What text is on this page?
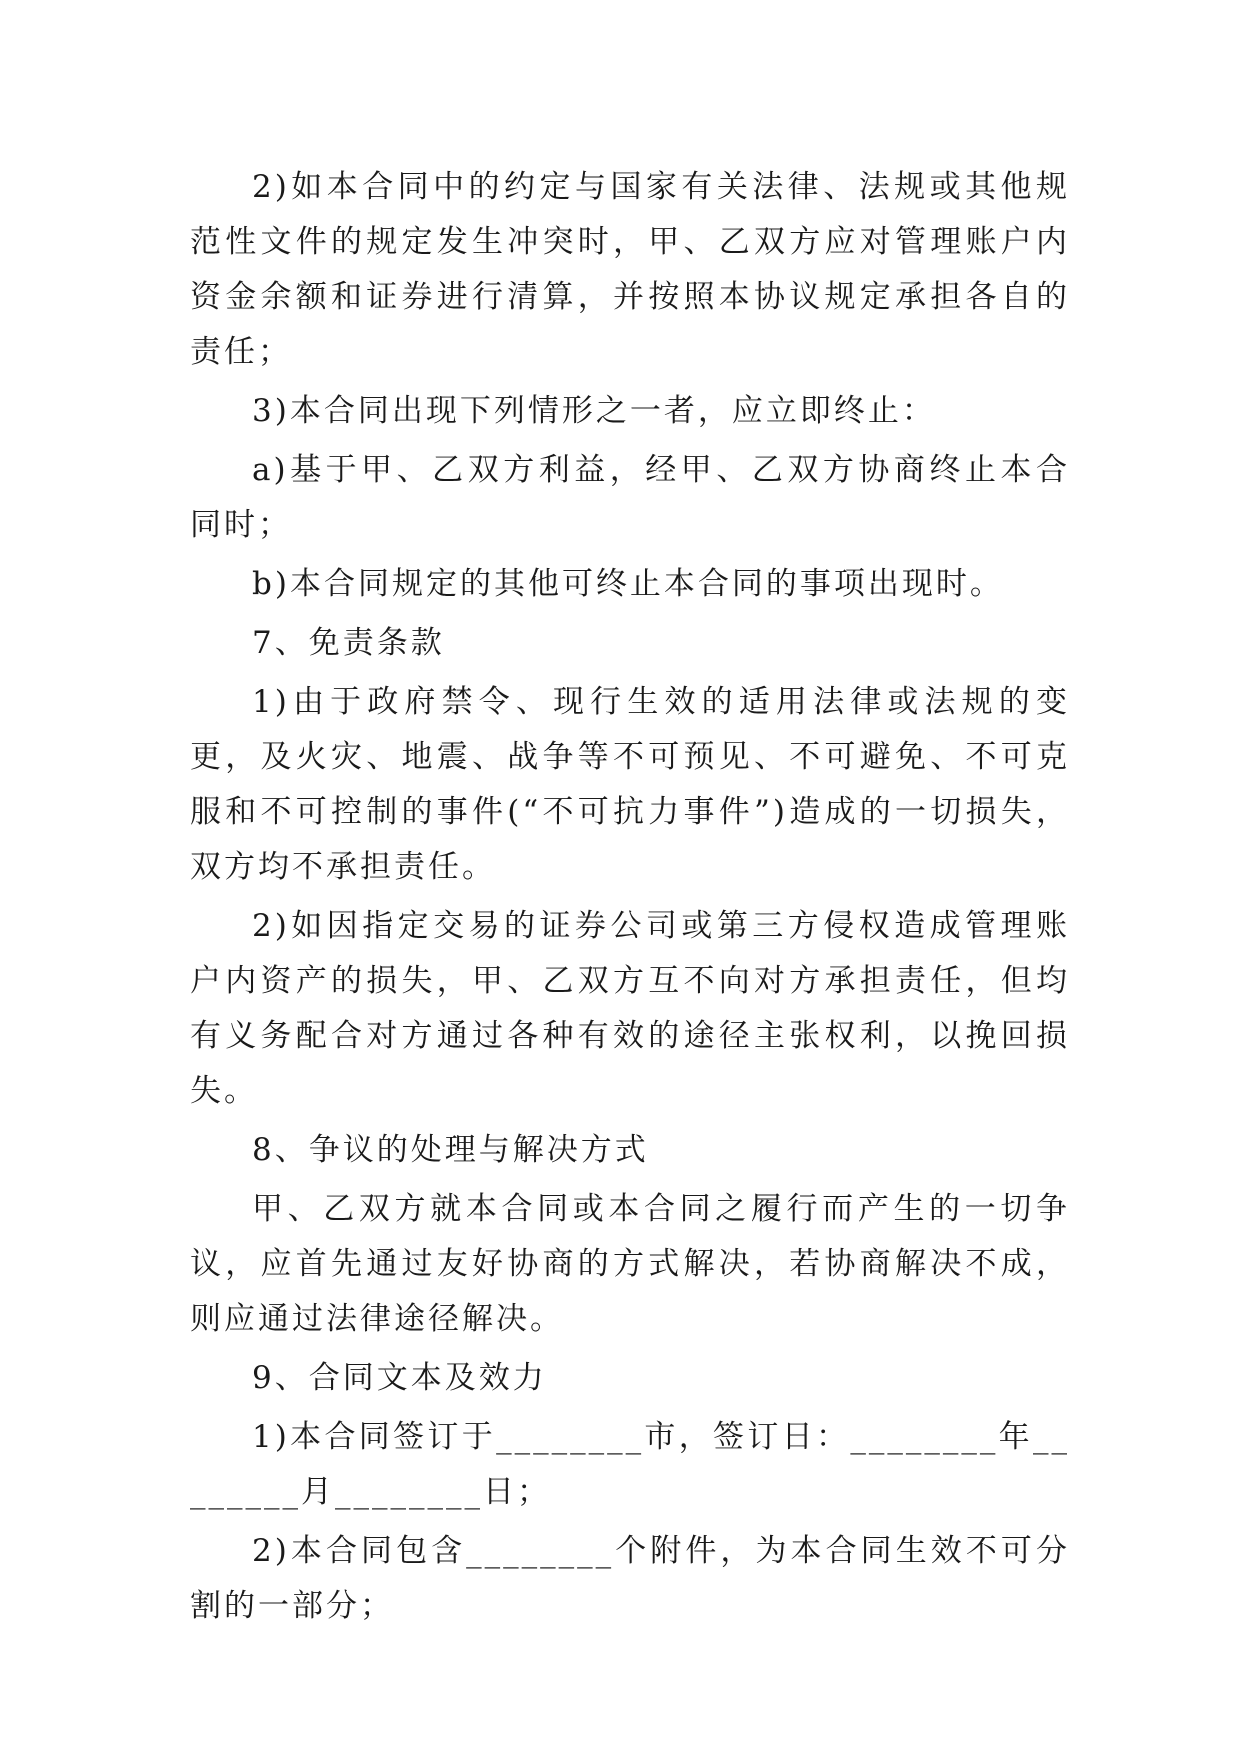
2)如本合同中的约定与国家有关法律、法规或其他规范性文件的规定发生冲突时，甲、乙双方应对管理账户内资金余额和证券进行清算，并按照本协议规定承担各自的责任；

3)本合同出现下列情形之一者，应立即终止：

a)基于甲、乙双方利益，经甲、乙双方协商终止本合同时；

b)本合同规定的其他可终止本合同的事项出现时。

7、免责条款

1)由于政府禁令、现行生效的适用法律或法规的变更，及火灾、地震、战争等不可预见、不可避免、不可克服和不可控制的事件(“不可抗力事件”)造成的一切损失，双方均不承担责任。

2)如因指定交易的证券公司或第三方侵权造成管理账户内资产的损失，甲、乙双方互不向对方承担责任，但均有义务配合对方通过各种有效的途径主张权利，以挽回损失。

8、争议的处理与解决方式

甲、乙双方就本合同或本合同之履行而产生的一切争议，应首先通过友好协商的方式解决，若协商解决不成，则应通过法律途径解决。

9、合同文本及效力

1)本合同签订于________市，签订日：________年________月________日；

2)本合同包含________个附件，为本合同生效不可分割的一部分；
